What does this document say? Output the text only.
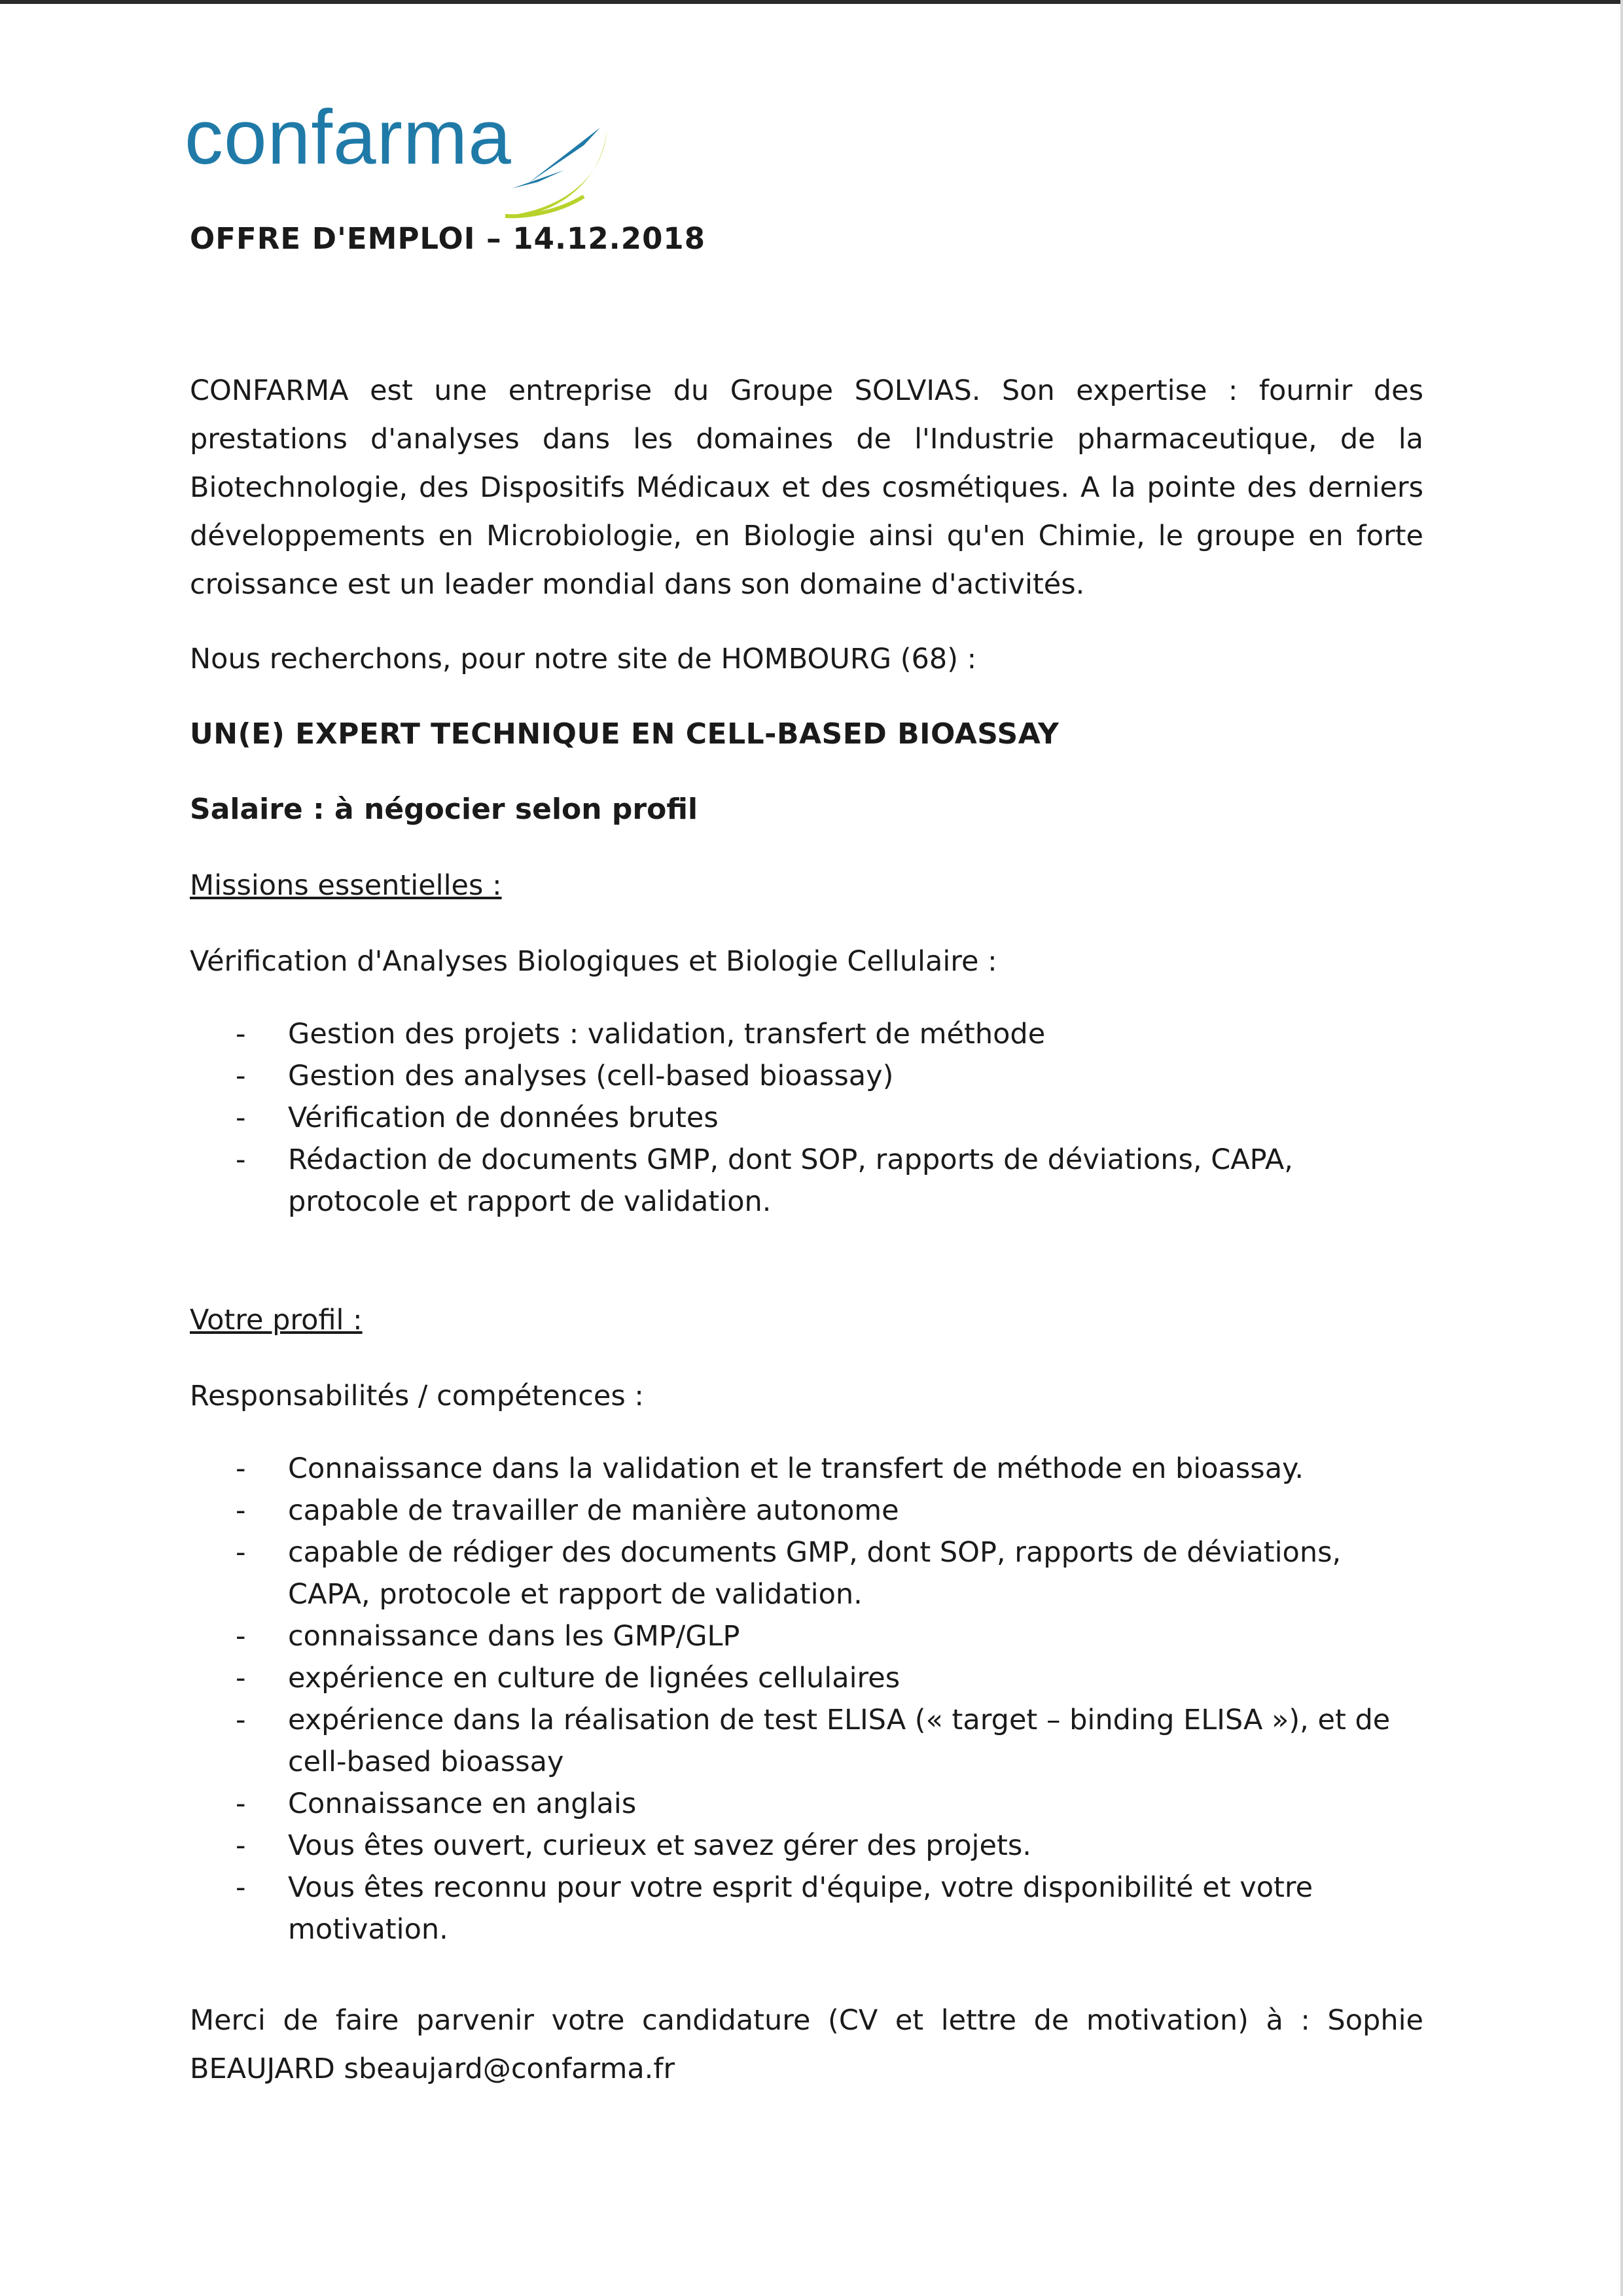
confarma
OFFRE D'EMPLOI – 14.12.2018

CONFARMA est une entreprise du Groupe SOLVIAS. Son expertise : fournir des prestations d'analyses dans les domaines de l'Industrie pharmaceutique, de la Biotechnologie, des Dispositifs Médicaux et des cosmétiques. A la pointe des derniers développements en Microbiologie, en Biologie ainsi qu'en Chimie, le groupe en forte croissance est un leader mondial dans son domaine d'activités.

Nous recherchons, pour notre site de HOMBOURG (68) :

UN(E) EXPERT TECHNIQUE EN CELL-BASED BIOASSAY

Salaire : à négocier selon profil

Missions essentielles :

Vérification d'Analyses Biologiques et Biologie Cellulaire :

- Gestion des projets : validation, transfert de méthode
- Gestion des analyses (cell-based bioassay)
- Vérification de données brutes
- Rédaction de documents GMP, dont SOP, rapports de déviations, CAPA, protocole et rapport de validation.

Votre profil :

Responsabilités / compétences :

- Connaissance dans la validation et le transfert de méthode en bioassay.
- capable de travailler de manière autonome
- capable de rédiger des documents GMP, dont SOP, rapports de déviations, CAPA, protocole et rapport de validation.
- connaissance dans les GMP/GLP
- expérience en culture de lignées cellulaires
- expérience dans la réalisation de test ELISA (« target – binding ELISA »), et de cell-based bioassay
- Connaissance en anglais
- Vous êtes ouvert, curieux et savez gérer des projets.
- Vous êtes reconnu pour votre esprit d'équipe, votre disponibilité et votre motivation.

Merci de faire parvenir votre candidature (CV et lettre de motivation) à : Sophie BEAUJARD sbeaujard@confarma.fr
